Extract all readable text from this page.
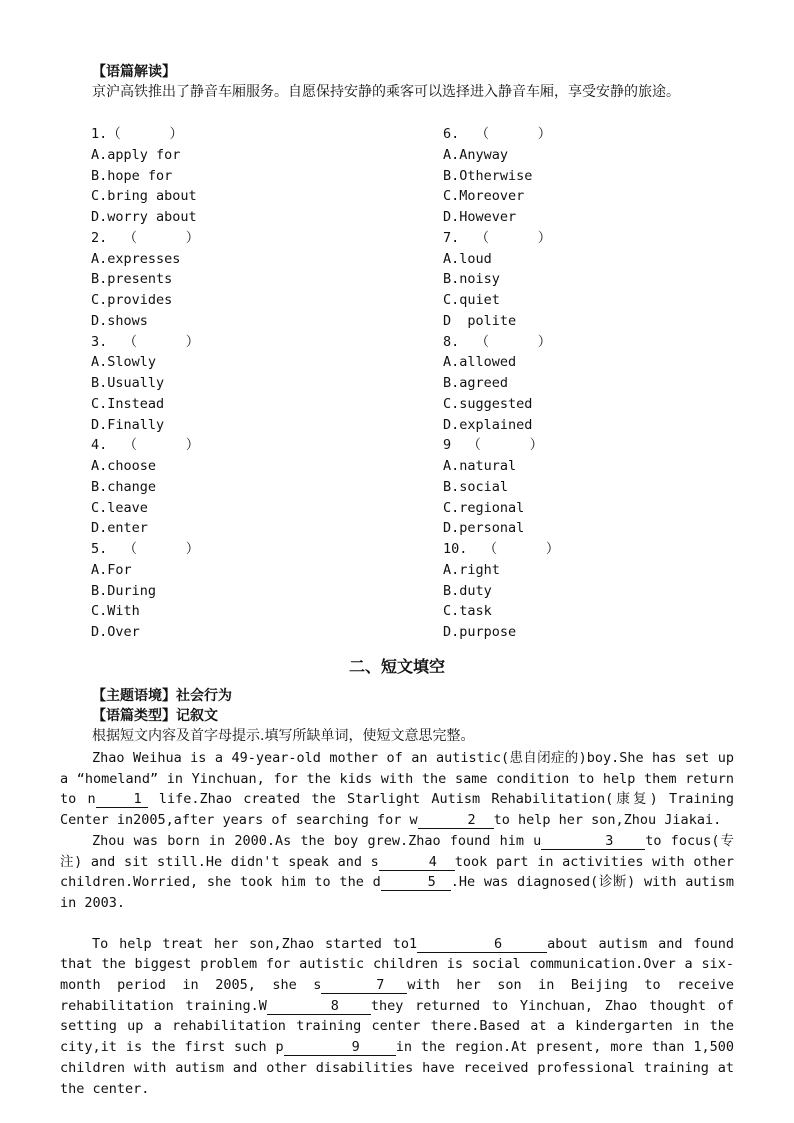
【语篇解读】
京沪高铁推出了静音车厢服务。自愿保持安静的乘客可以选择进入静音车厢，享受安静的旅途。
1.（      ）
A.apply for
B.hope for
C.bring about
D.worry about
2.  （      ）
A.expresses
B.presents
C.provides
D.shows
3.  （      ）
A.Slowly
B.Usually
C.Instead
D.Finally
4.  （      ）
A.choose
B.change
C.leave
D.enter
5.  （      ）
A.For
B.During
C.With
D.Over
6.  （      ）
A.Anyway
B.Otherwise
C.Moreover
D.However
7.  （      ）
A.loud
B.noisy
C.quiet
D  polite
8.  （      ）
A.allowed
B.agreed
C.suggested
D.explained
9  （      ）
A.natural
B.social
C.regional
D.personal
10.  （      ）
A.right
B.duty
C.task
D.purpose
二、短文填空
【主题语境】社会行为
【语篇类型】记叙文
根据短文内容及首字母提示.填写所缺单词，使短文意思完整。

Zhao Weihua is a 49-year-old mother of an autistic(患自闭症的)boy.She has set up a “homeland” in Yinchuan, for the kids with the same condition to help them return to n	1 life.Zhao created the Starlight Autism Rehabilitation(康复) Training Center in2005,after years of searching for w	2 to help her son,Zhou Jiakai.

Zhou was born in 2000.As the boy grew.Zhao found him u	3 to focus(专注) and sit still.He didn't speak and s	4 took part in activities with other children.Worried, she took him to the d	5 .He was diagnosed(诊断) with autism in 2003.

To help treat her son,Zhao started to1	6	about autism and found that the biggest problem for autistic children is social communication.Over a six-month period in 2005, she s	7 with her son in Beijing to receive rehabilitation training.W	8 they returned to Yinchuan, Zhao thought of setting up a rehabilitation training center there.Based at a kindergarten in the city,it is the first such p	9	in the region.At present, more than 1,500 children with autism and other disabilities have received professional training at the center.
